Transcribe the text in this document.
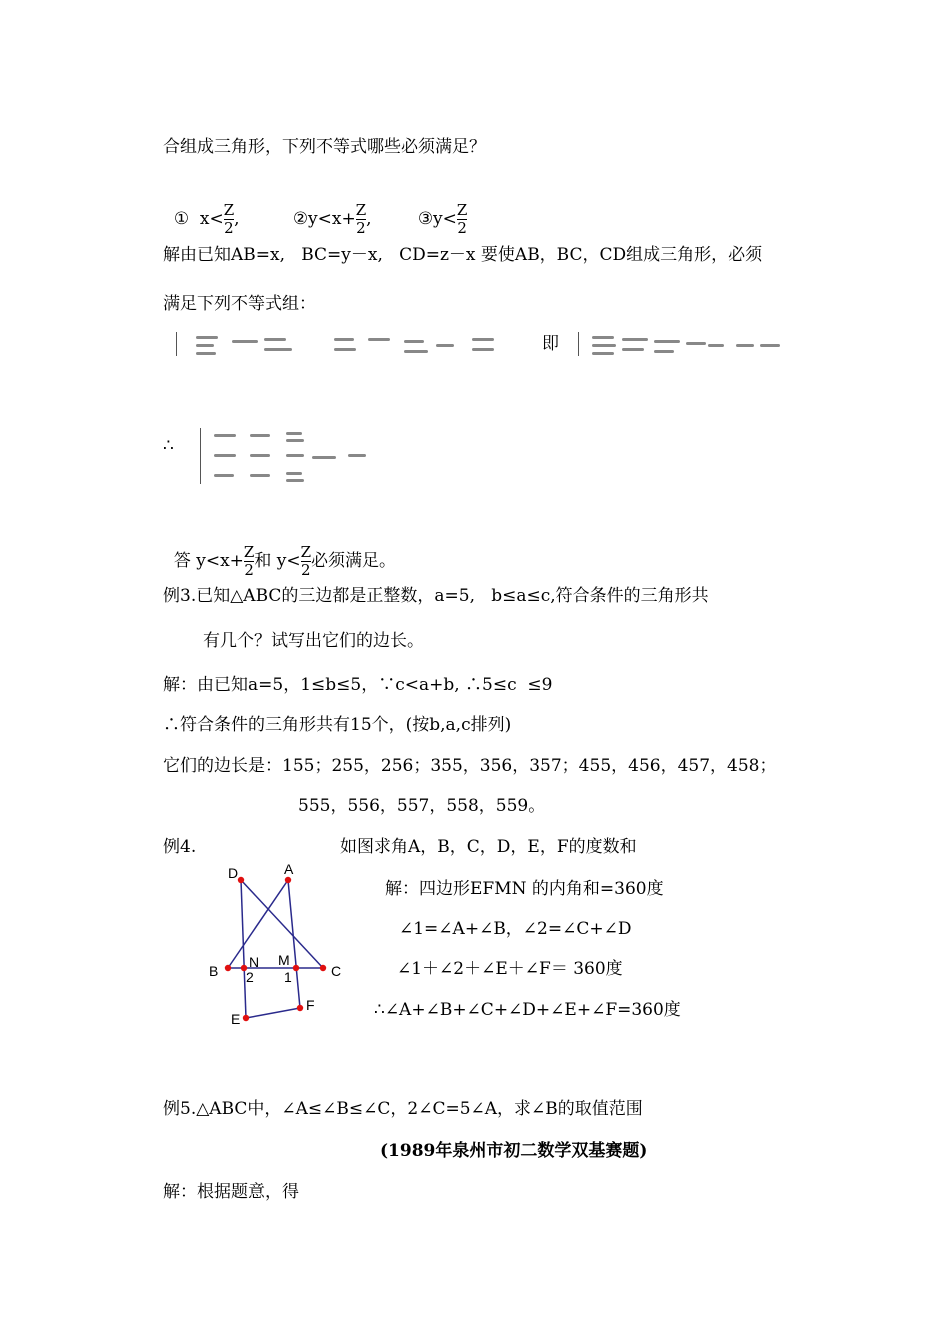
合组成三角形，下列不等式哪些必须满足？

①  $x< \frac{Z}{2}$ ,	②y<x+ $\frac{Z}{2}$ ,	③y< $\frac{Z}{2}$

解由已知AB=x,   BC=y－x,   CD=z－x 要使AB，BC，CD组成三角形，必须
满足下列不等式组：
即
∴

答 $y<x+ \frac{Z}{2}$ 和 $y< \frac{Z}{2}$ 必须满足。

例3.已知△ABC的三边都是正整数，a=5,   b≤a≤c,符合条件的三角形共
有几个？试写出它们的边长。
解：由已知a=5，1≤b≤5，∵c<a+b, ∴5≤c  ≤9
∴符合条件的三角形共有15个，(按b,a,c排列)
它们的边长是：155；255，256；355，356，357；455，456，457，458；
555，556，557，558，559。
例4.	如图求角A，B，C，D，E，F的度数和
解：四边形EFMN 的内角和=360度
∠1=∠A+∠B，∠2=∠C+∠D
∠1＋∠2＋∠E＋∠F＝ 360度
∴∠A+∠B+∠C+∠D+∠E+∠F=360度
D	A
B	C
N M
2 1
E
F
例5.△ABC中，∠A≤∠B≤∠C，2∠C=5∠A，求∠B的取值范围
(1989年泉州市初二数学双基赛题)
解：根据题意，得
